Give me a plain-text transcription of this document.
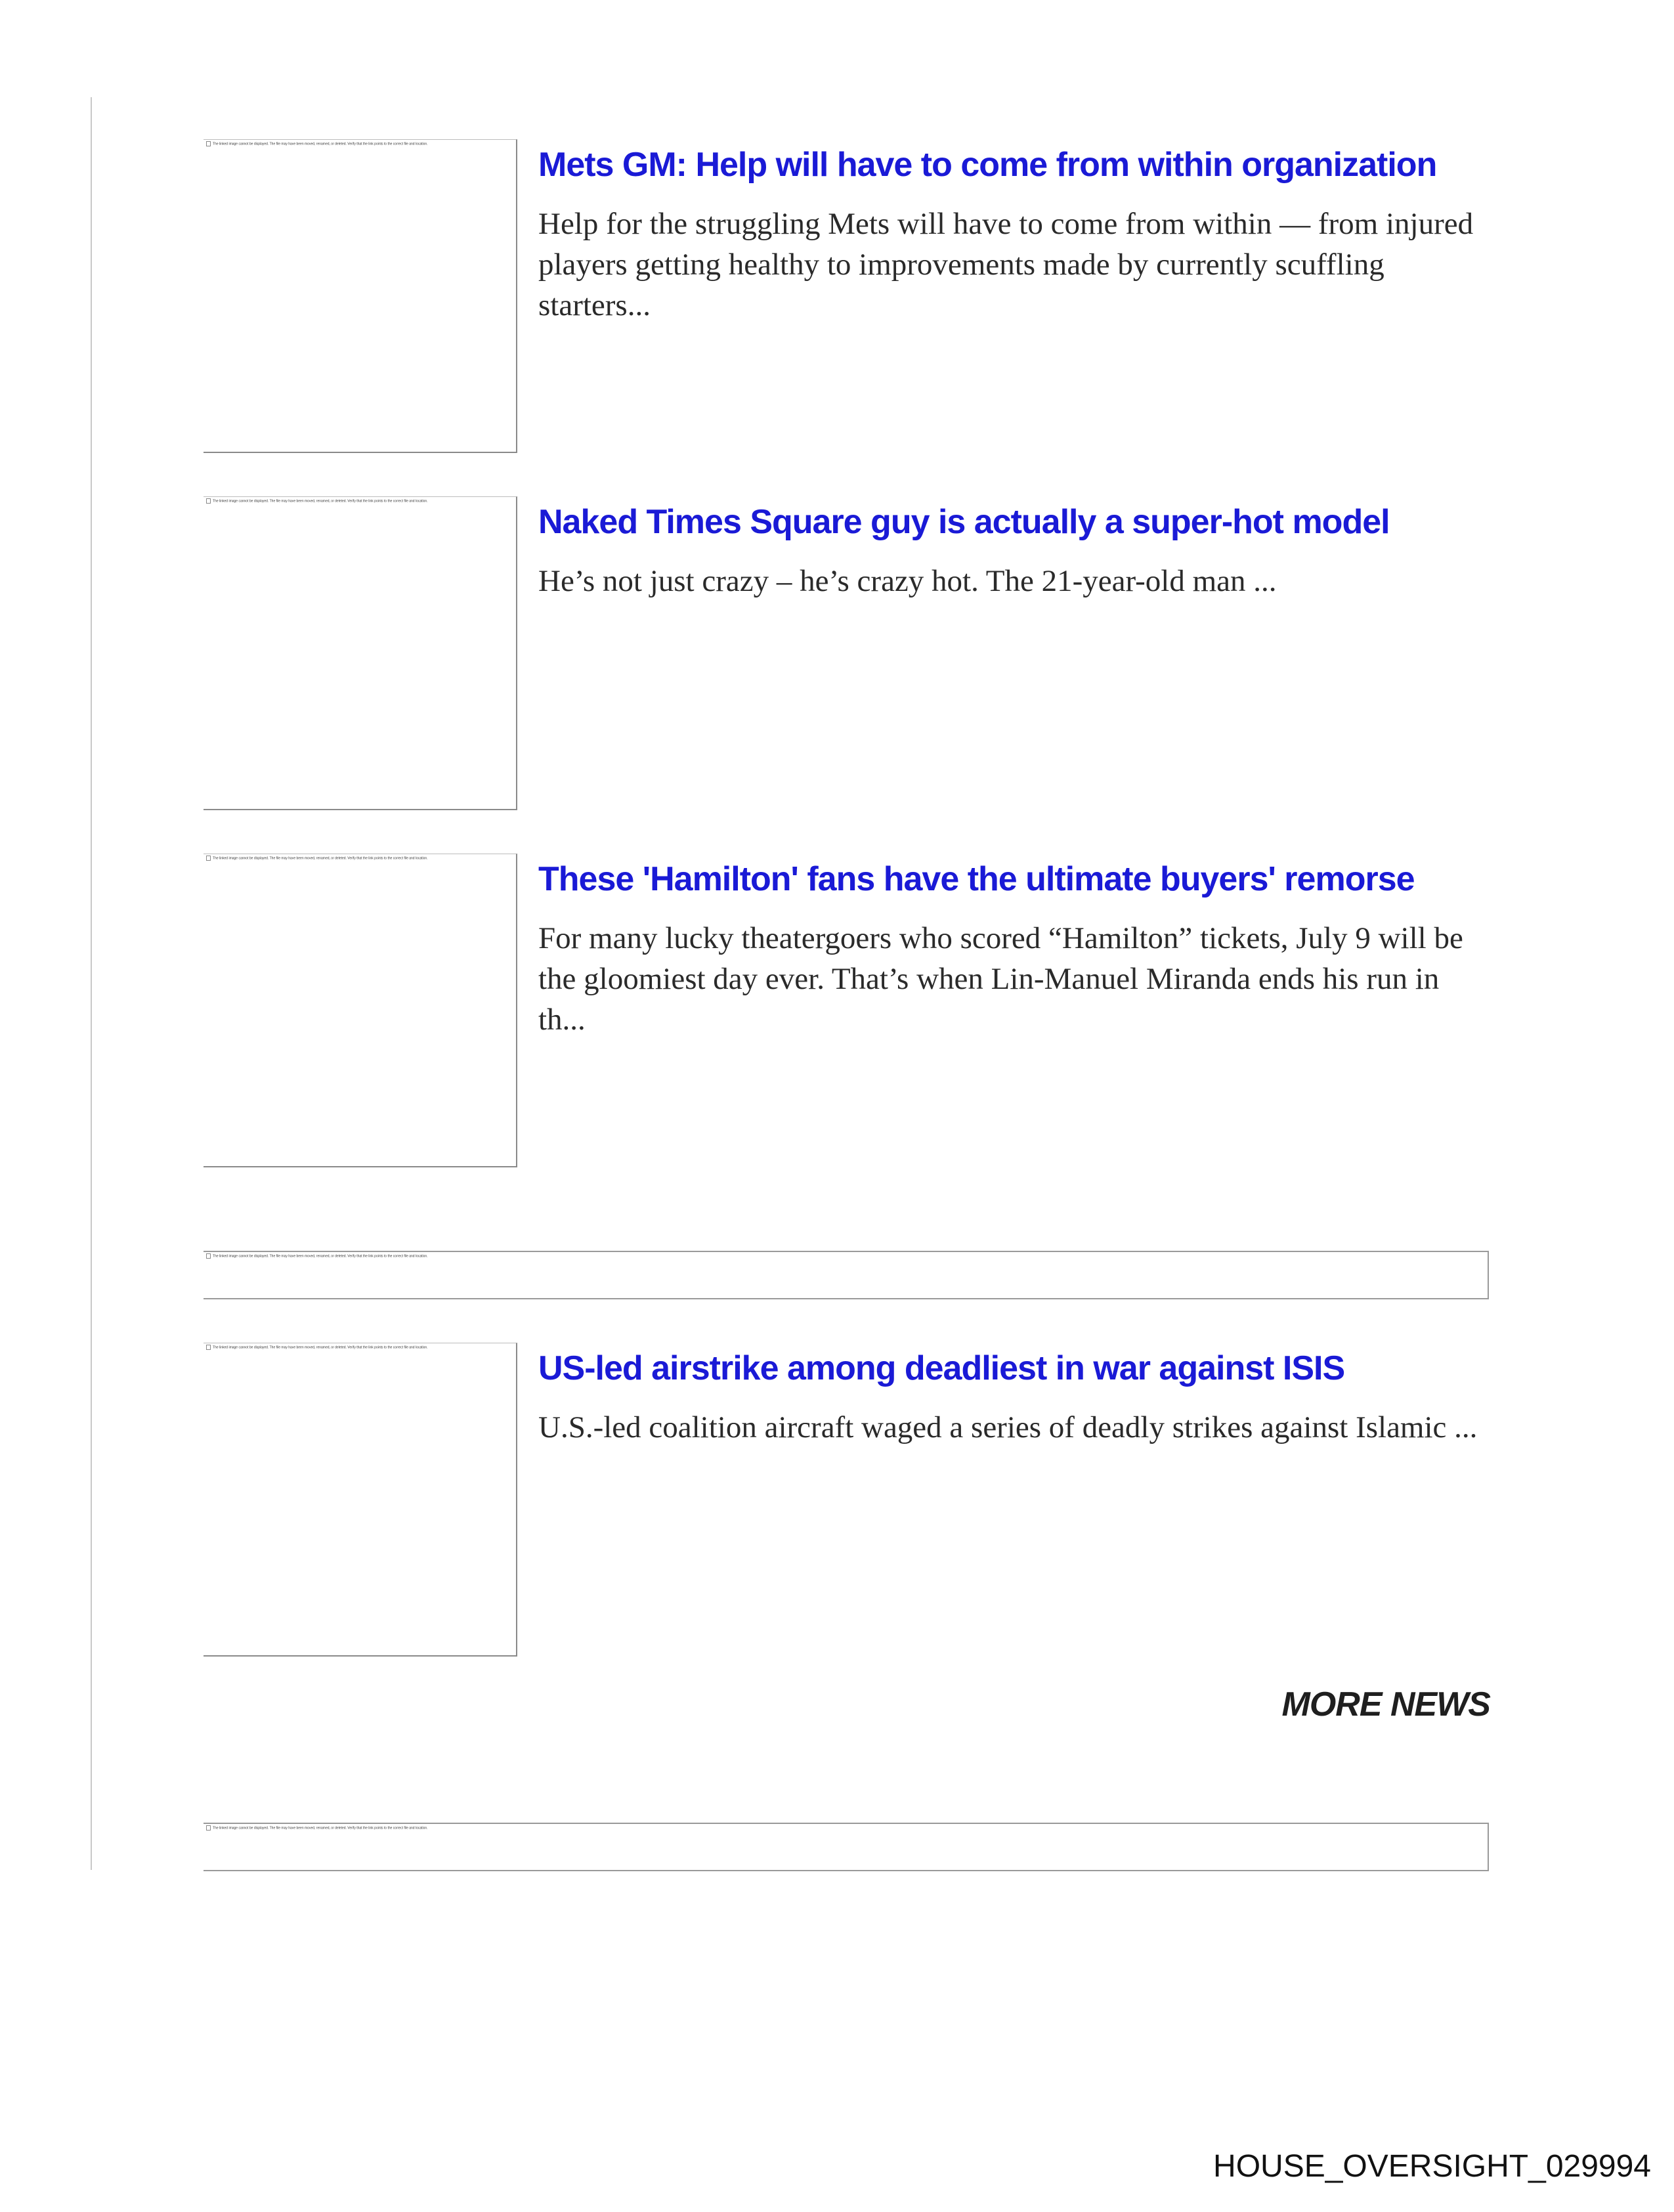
The linked image cannot be displayed. The file may have been moved, renamed, or deleted. Verify that the link points to the correct file and location.
Mets GM: Help will have to come from within organization

Help for the struggling Mets will have to come from within — from injured players getting healthy to improvements made by currently scuffling starters...

The linked image cannot be displayed. The file may have been moved, renamed, or deleted. Verify that the link points to the correct file and location.
Naked Times Square guy is actually a super-hot model

He’s not just crazy – he’s crazy hot. The 21-year-old man ...

The linked image cannot be displayed. The file may have been moved, renamed, or deleted. Verify that the link points to the correct file and location.
These 'Hamilton' fans have the ultimate buyers' remorse

For many lucky theatergoers who scored “Hamilton” tickets, July 9 will be the gloomiest day ever. That’s when Lin-Manuel Miranda ends his run in th...

The linked image cannot be displayed. The file may have been moved, renamed, or deleted. Verify that the link points to the correct file and location.
The linked image cannot be displayed. The file may have been moved, renamed, or deleted. Verify that the link points to the correct file and location.
US-led airstrike among deadliest in war against ISIS

U.S.-led coalition aircraft waged a series of deadly strikes against Islamic ...

MORE NEWS
The linked image cannot be displayed. The file may have been moved, renamed, or deleted. Verify that the link points to the correct file and location.
HOUSE_OVERSIGHT_029994
